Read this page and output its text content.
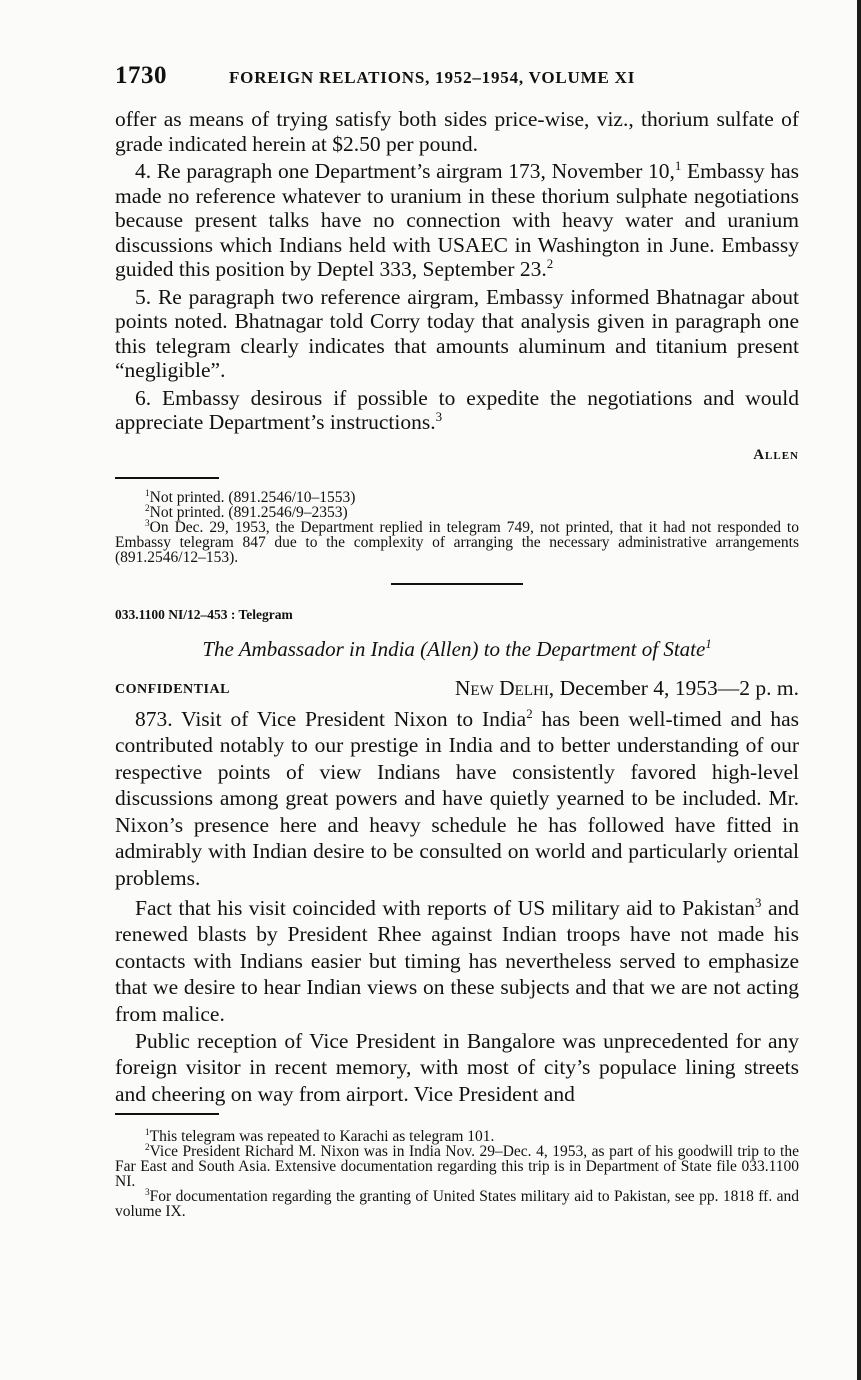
1730	FOREIGN RELATIONS, 1952–1954, VOLUME XI

offer as means of trying satisfy both sides price-wise, viz., thorium sulfate of grade indicated herein at $2.50 per pound.

4. Re paragraph one Department’s airgram 173, November 10,$^1$ Embassy has made no reference whatever to uranium in these thorium sulphate negotiations because present talks have no connection with heavy water and uranium discussions which Indians held with USAEC in Washington in June. Embassy guided this position by Deptel 333, September 23.$^2$

5. Re paragraph two reference airgram, Embassy informed Bhatnagar about points noted. Bhatnagar told Corry today that analysis given in paragraph one this telegram clearly indicates that amounts aluminum and titanium present “negligible”.

6. Embassy desirous if possible to expedite the negotiations and would appreciate Department’s instructions.$^3$

Allen

$^1$Not printed. (891.2546/10–1553)

$^2$Not printed. (891.2546/9–2353)

$^3$On Dec. 29, 1953, the Department replied in telegram 749, not printed, that it had not responded to Embassy telegram 847 due to the complexity of arranging the necessary administrative arrangements (891.2546/12–153).

033.1100 NI/12–453 : Telegram
The Ambassador in India (Allen) to the Department of State$^1$
CONFIDENTIAL	New Delhi, December 4, 1953—2 p. m.

873. Visit of Vice President Nixon to India$^2$ has been well-timed and has contributed notably to our prestige in India and to better understanding of our respective points of view Indians have consistently favored high-level discussions among great powers and have quietly yearned to be included. Mr. Nixon’s presence here and heavy schedule he has followed have fitted in admirably with Indian desire to be consulted on world and particularly oriental problems.

Fact that his visit coincided with reports of US military aid to Pakistan$^3$ and renewed blasts by President Rhee against Indian troops have not made his contacts with Indians easier but timing has nevertheless served to emphasize that we desire to hear Indian views on these subjects and that we are not acting from malice.

Public reception of Vice President in Bangalore was unprecedented for any foreign visitor in recent memory, with most of city’s populace lining streets and cheering on way from airport. Vice President and

$^1$This telegram was repeated to Karachi as telegram 101.

$^2$Vice President Richard M. Nixon was in India Nov. 29–Dec. 4, 1953, as part of his goodwill trip to the Far East and South Asia. Extensive documentation regarding this trip is in Department of State file 033.1100 NI.

$^3$For documentation regarding the granting of United States military aid to Pakistan, see pp. 1818 ff. and volume IX.
